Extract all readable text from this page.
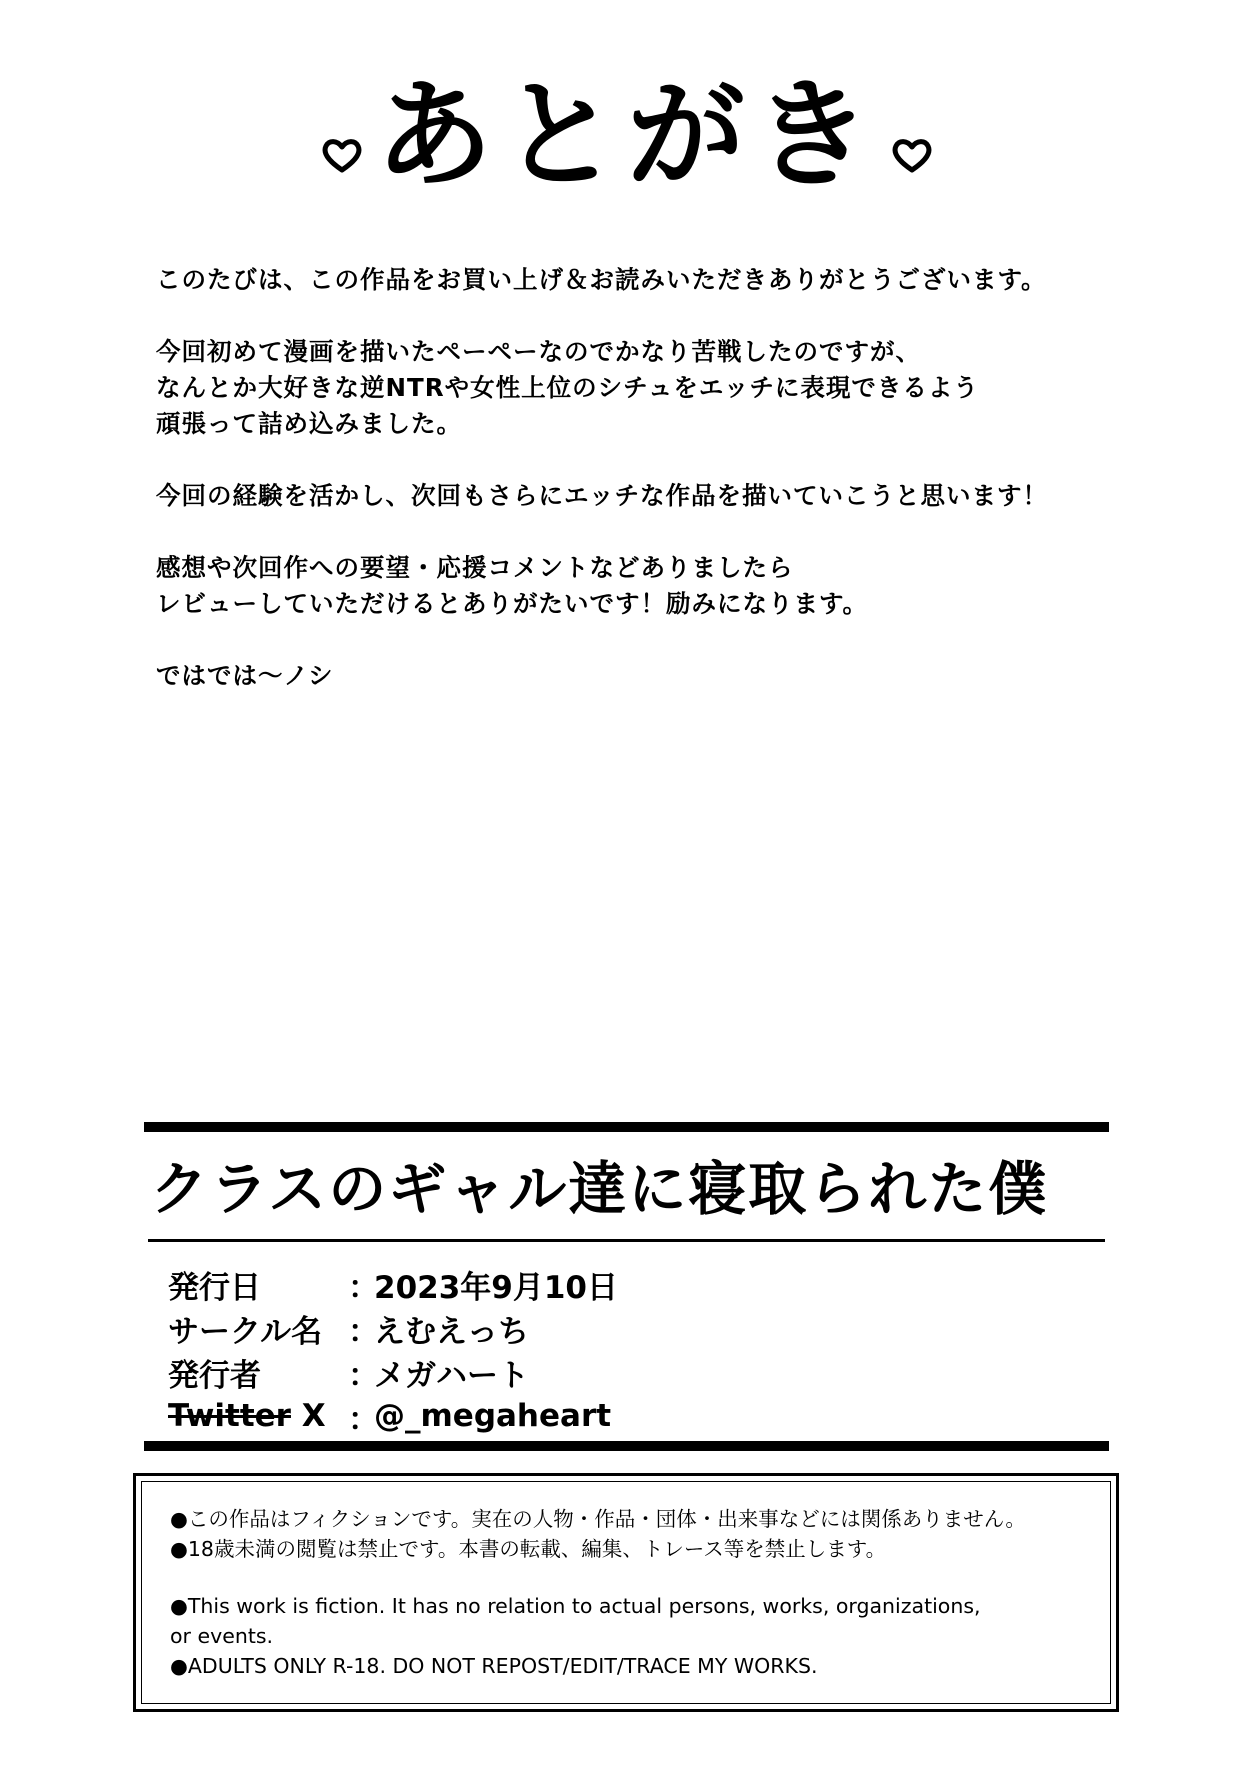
あとがき
このたびは、この作品をお買い上げ＆お読みいただきありがとうございます。
今回初めて漫画を描いたペーペーなのでかなり苦戦したのですが、
なんとか大好きな逆NTRや女性上位のシチュをエッチに表現できるよう
頑張って詰め込みました。
今回の経験を活かし、次回もさらにエッチな作品を描いていこうと思います！
感想や次回作への要望・応援コメントなどありましたら
レビューしていただけるとありがたいです！励みになります。
ではでは〜ノシ
クラスのギャル達に寝取られた僕
発行日	：
2023年9月10日
サークル名 ：
えむえっち
発行者	：
メガハート
Twitter X ：
@_megaheart
●この作品はフィクションです。実在の人物・作品・団体・出来事などには関係ありません。
●18歳未満の閲覧は禁止です。本書の転載、編集、トレース等を禁止します。
●This work is fiction. It has no relation to actual persons, works, organizations,
or events.
●ADULTS ONLY R-18. DO NOT REPOST/EDIT/TRACE MY WORKS.
